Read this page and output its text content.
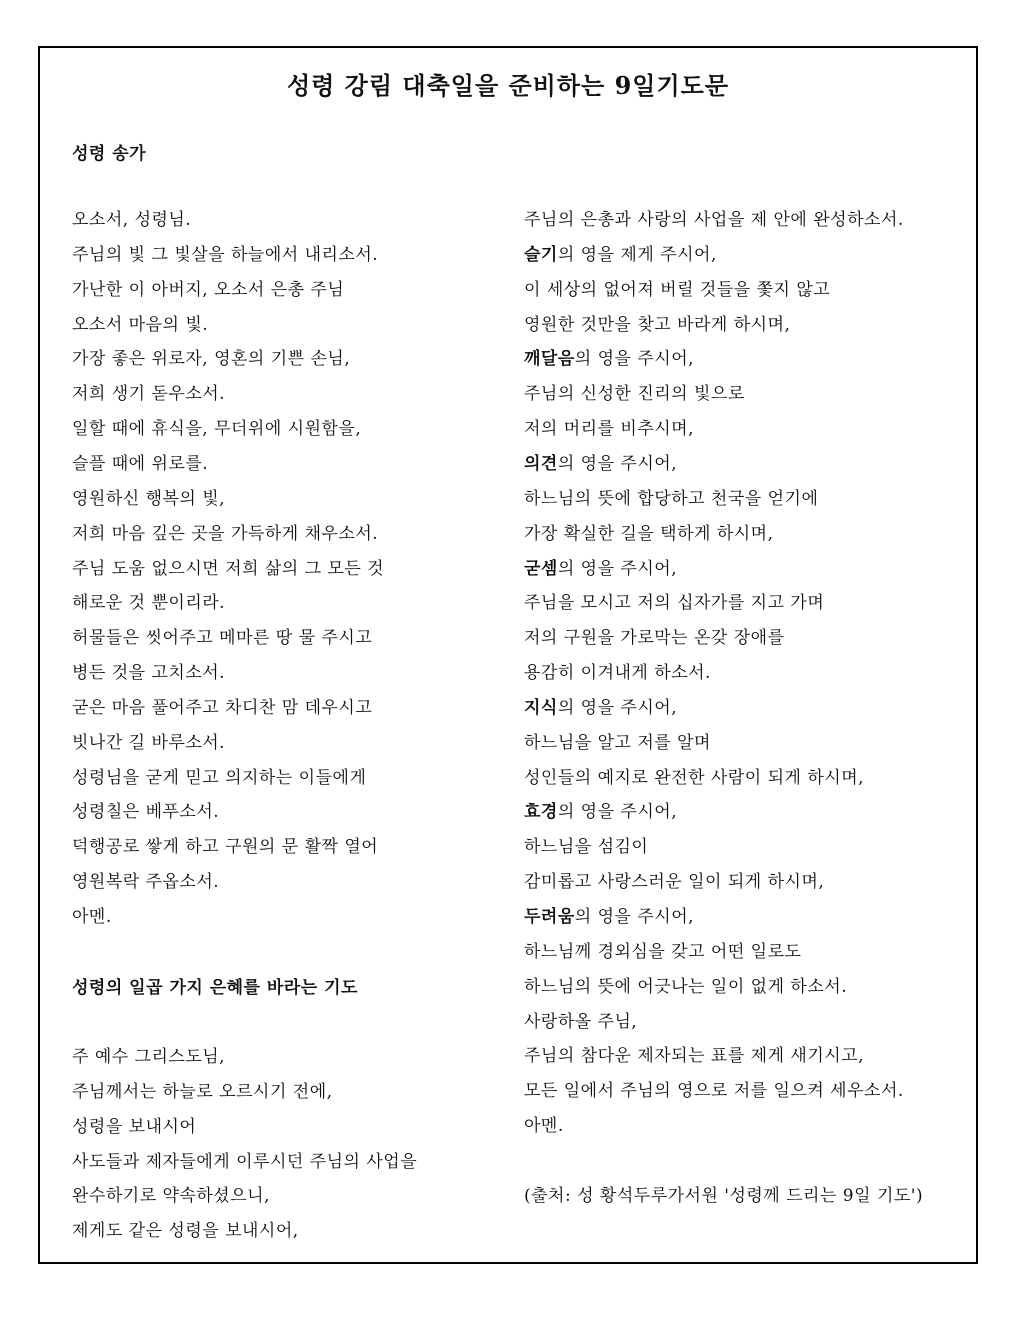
성령 강림 대축일을 준비하는 9일기도문
성령 송가
오소서, 성령님.
주님의 빛 그 빛살을 하늘에서 내리소서.
가난한 이 아버지, 오소서 은총 주님
오소서 마음의 빛.
가장 좋은 위로자, 영혼의 기쁜 손님,
저희 생기 돋우소서.
일할 때에 휴식을, 무더위에 시원함을,
슬플 때에 위로를.
영원하신 행복의 빛,
저희 마음 깊은 곳을 가득하게 채우소서.
주님 도움 없으시면 저희 삶의 그 모든 것
해로운 것 뿐이리라.
허물들은 씻어주고 메마른 땅 물 주시고
병든 것을 고치소서.
굳은 마음 풀어주고 차디찬 맘 데우시고
빗나간 길 바루소서.
성령님을 굳게 믿고 의지하는 이들에게
성령칠은 베푸소서.
덕행공로 쌓게 하고 구원의 문 활짝 열어
영원복락 주옵소서.
아멘.
성령의 일곱 가지 은혜를 바라는 기도
주 예수 그리스도님,
주님께서는 하늘로 오르시기 전에,
성령을 보내시어
사도들과 제자들에게 이루시던 주님의 사업을
완수하기로 약속하셨으니,
제게도 같은 성령을 보내시어,
주님의 은총과 사랑의 사업을 제 안에 완성하소서.
슬기의 영을 제게 주시어,
이 세상의 없어져 버릴 것들을 쫓지 않고
영원한 것만을 찾고 바라게 하시며,
깨달음의 영을 주시어,
주님의 신성한 진리의 빛으로
저의 머리를 비추시며,
의견의 영을 주시어,
하느님의 뜻에 합당하고 천국을 얻기에
가장 확실한 길을 택하게 하시며,
굳셈의 영을 주시어,
주님을 모시고 저의 십자가를 지고 가며
저의 구원을 가로막는 온갖 장애를
용감히 이겨내게 하소서.
지식의 영을 주시어,
하느님을 알고 저를 알며
성인들의 예지로 완전한 사람이 되게 하시며,
효경의 영을 주시어,
하느님을 섬김이
감미롭고 사랑스러운 일이 되게 하시며,
두려움의 영을 주시어,
하느님께 경외심을 갖고 어떤 일로도
하느님의 뜻에 어긋나는 일이 없게 하소서.
사랑하올 주님,
주님의 참다운 제자되는 표를 제게 새기시고,
모든 일에서 주님의 영으로 저를 일으켜 세우소서.
아멘.
(출처: 성 황석두루가서원 '성령께 드리는 9일 기도')
